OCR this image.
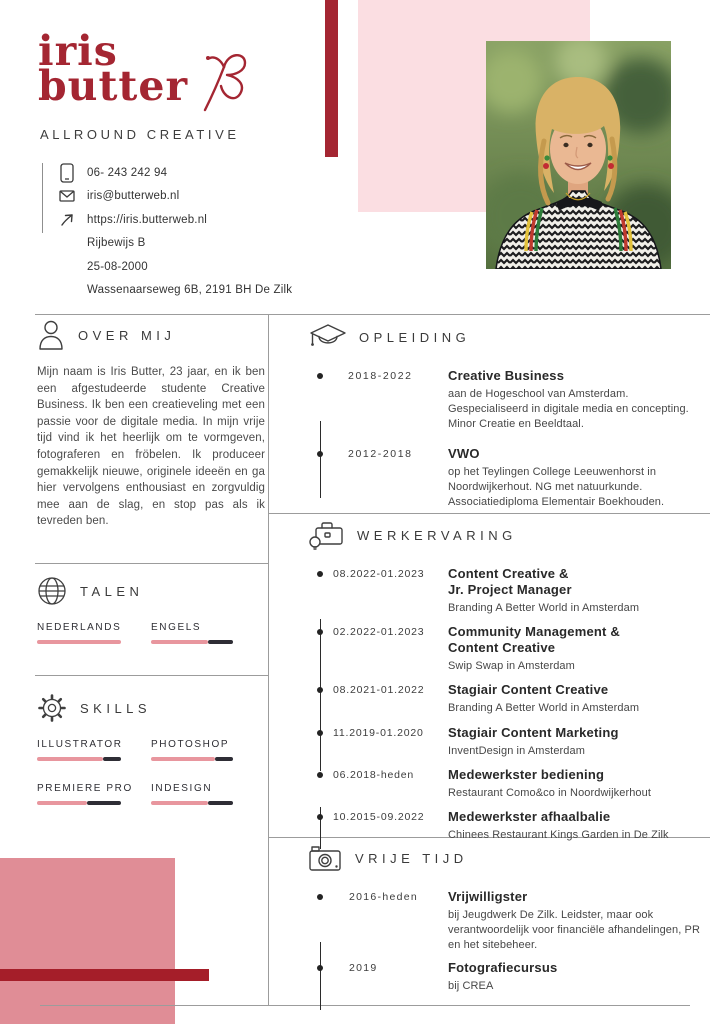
iris
butter
ALLROUND CREATIVE
06- 243 242 94
iris@butterweb.nl
https://iris.butterweb.nl
Rijbewijs B
25-08-2000
Wassenaarseweg 6B, 2191 BH De Zilk
OVER MIJ
Mijn naam is Iris Butter, 23 jaar, en ik ben een afgestudeerde studente Creative Business. Ik ben een creatieveling met een passie voor de digitale media. In mijn vrije tijd vind ik het heerlijk om te vormgeven, fotograferen en fröbelen. Ik produceer gemakkelijk nieuwe, originele ideeën en ga hier vervolgens enthousiast en zorgvuldig mee aan de slag, en stop pas als ik tevreden ben.
TALEN
NEDERLANDS	ENGELS
SKILLS
ILLUSTRATOR	PHOTOSHOP
PREMIERE PRO	INDESIGN
OPLEIDING
2018-2022	Creative Business
aan de Hogeschool van Amsterdam. Gespecialiseerd in digitale media en concepting. Minor Creatie en Beeldtaal.
2012-2018	VWO
op het Teylingen College Leeuwenhorst in Noordwijkerhout. NG met natuurkunde. Associatiediploma Elementair Boekhouden.
WERKERVARING
08.2022-01.2023	Content Creative &
Jr. Project Manager
Branding A Better World in Amsterdam
02.2022-01.2023	Community Management &
Content Creative
Swip Swap in Amsterdam
08.2021-01.2022	Stagiair Content Creative
Branding A Better World in Amsterdam
11.2019-01.2020	Stagiair Content Marketing
InventDesign in Amsterdam
06.2018-heden	Medewerkster bediening
Restaurant Como&co in Noordwijkerhout
10.2015-09.2022	Medewerkster afhaalbalie
Chinees Restaurant Kings Garden in De Zilk
VRIJE TIJD
2016-heden	Vrijwilligster
bij Jeugdwerk De Zilk. Leidster, maar ook verantwoordelijk voor financiële afhandelingen, PR en het sitebeheer.
2019	Fotografiecursus
bij CREA
